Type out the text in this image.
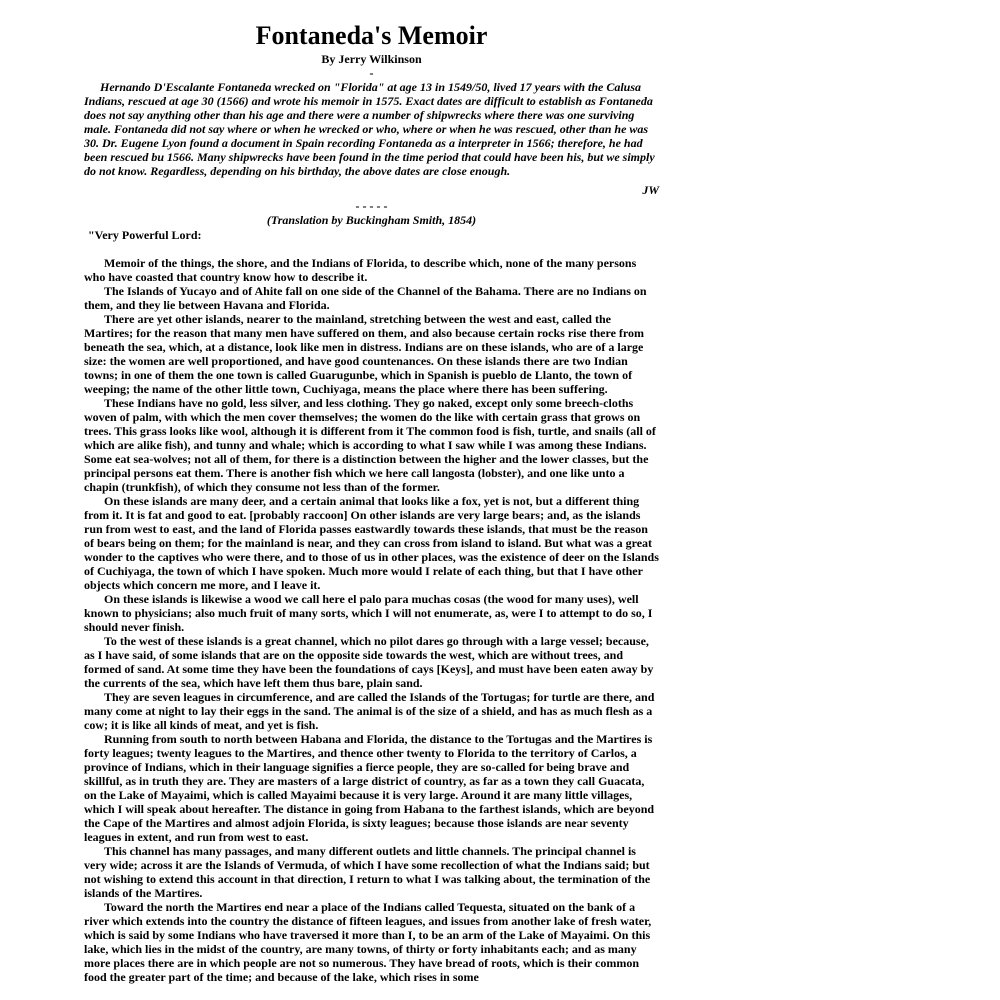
Fontaneda's Memoir
By Jerry Wilkinson
-

Hernando D'Escalante Fontaneda wrecked on "Florida" at age 13 in 1549/50, lived 17 years with the Calusa Indians, rescued at age 30 (1566) and wrote his memoir in 1575. Exact dates are difficult to establish as Fontaneda does not say anything other than his age and there were a number of shipwrecks where there was one surviving male. Fontaneda did not say where or when he wrecked or who, where or when he was rescued, other than he was 30. Dr. Eugene Lyon found a document in Spain recording Fontaneda as a interpreter in 1566; therefore, he had been rescued bu 1566. Many shipwrecks have been found in the time period that could have been his, but we simply do not know. Regardless, depending on his birthday, the above dates are close enough.

JW
- - - - -
(Translation by Buckingham Smith, 1854)
"Very Powerful Lord:

Memoir of the things, the shore, and the Indians of Florida, to describe which, none of the many persons who have coasted that country know how to describe it.

The Islands of Yucayo and of Ahite fall on one side of the Channel of the Bahama. There are no Indians on them, and they lie between Havana and Florida.

There are yet other islands, nearer to the mainland, stretching between the west and east, called the Martires; for the reason that many men have suffered on them, and also because certain rocks rise there from beneath the sea, which, at a distance, look like men in distress. Indians are on these islands, who are of a large size: the women are well proportioned, and have good countenances. On these islands there are two Indian towns; in one of them the one town is called Guarugunbe, which in Spanish is pueblo de Llanto, the town of weeping; the name of the other little town, Cuchiyaga, means the place where there has been suffering.

These Indians have no gold, less silver, and less clothing. They go naked, except only some breech-cloths woven of palm, with which the men cover themselves; the women do the like with certain grass that grows on trees. This grass looks like wool, although it is different from it The common food is fish, turtle, and snails (all of which are alike fish), and tunny and whale; which is according to what I saw while I was among these Indians. Some eat sea-wolves; not all of them, for there is a distinction between the higher and the lower classes, but the principal persons eat them. There is another fish which we here call langosta (lobster), and one like unto a chapin (trunkfish), of which they consume not less than of the former.

On these islands are many deer, and a certain animal that looks like a fox, yet is not, but a different thing from it. It is fat and good to eat. [probably raccoon] On other islands are very large bears; and, as the islands run from west to east, and the land of Florida passes eastwardly towards these islands, that must be the reason of bears being on them; for the mainland is near, and they can cross from island to island. But what was a great wonder to the captives who were there, and to those of us in other places, was the existence of deer on the Islands of Cuchiyaga, the town of which I have spoken. Much more would I relate of each thing, but that I have other objects which concern me more, and I leave it.

On these islands is likewise a wood we call here el palo para muchas cosas (the wood for many uses), well known to physicians; also much fruit of many sorts, which I will not enumerate, as, were I to attempt to do so, I should never finish.

To the west of these islands is a great channel, which no pilot dares go through with a large vessel; because, as I have said, of some islands that are on the opposite side towards the west, which are without trees, and formed of sand. At some time they have been the foundations of cays [Keys], and must have been eaten away by the currents of the sea, which have left them thus bare, plain sand.

They are seven leagues in circumference, and are called the Islands of the Tortugas; for turtle are there, and many come at night to lay their eggs in the sand. The animal is of the size of a shield, and has as much flesh as a cow; it is like all kinds of meat, and yet is fish.

Running from south to north between Habana and Florida, the distance to the Tortugas and the Martires is forty leagues; twenty leagues to the Martires, and thence other twenty to Florida to the territory of Carlos, a province of Indians, which in their language signifies a fierce people, they are so-called for being brave and skillful, as in truth they are. They are masters of a large district of country, as far as a town they call Guacata, on the Lake of Mayaimi, which is called Mayaimi because it is very large. Around it are many little villages, which I will speak about hereafter. The distance in going from Habana to the farthest islands, which are beyond the Cape of the Martires and almost adjoin Florida, is sixty leagues; because those islands are near seventy leagues in extent, and run from west to east.

This channel has many passages, and many different outlets and little channels. The principal channel is very wide; across it are the Islands of Vermuda, of which I have some recollection of what the Indians said; but not wishing to extend this account in that direction, I return to what I was talking about, the termination of the islands of the Martires.

Toward the north the Martires end near a place of the Indians called Tequesta, situated on the bank of a river which extends into the country the distance of fifteen leagues, and issues from another lake of fresh water, which is said by some Indians who have traversed it more than I, to be an arm of the Lake of Mayaimi. On this lake, which lies in the midst of the country, are many towns, of thirty or forty inhabitants each; and as many more places there are in which people are not so numerous. They have bread of roots, which is their common food the greater part of the time; and because of the lake, which rises in some
